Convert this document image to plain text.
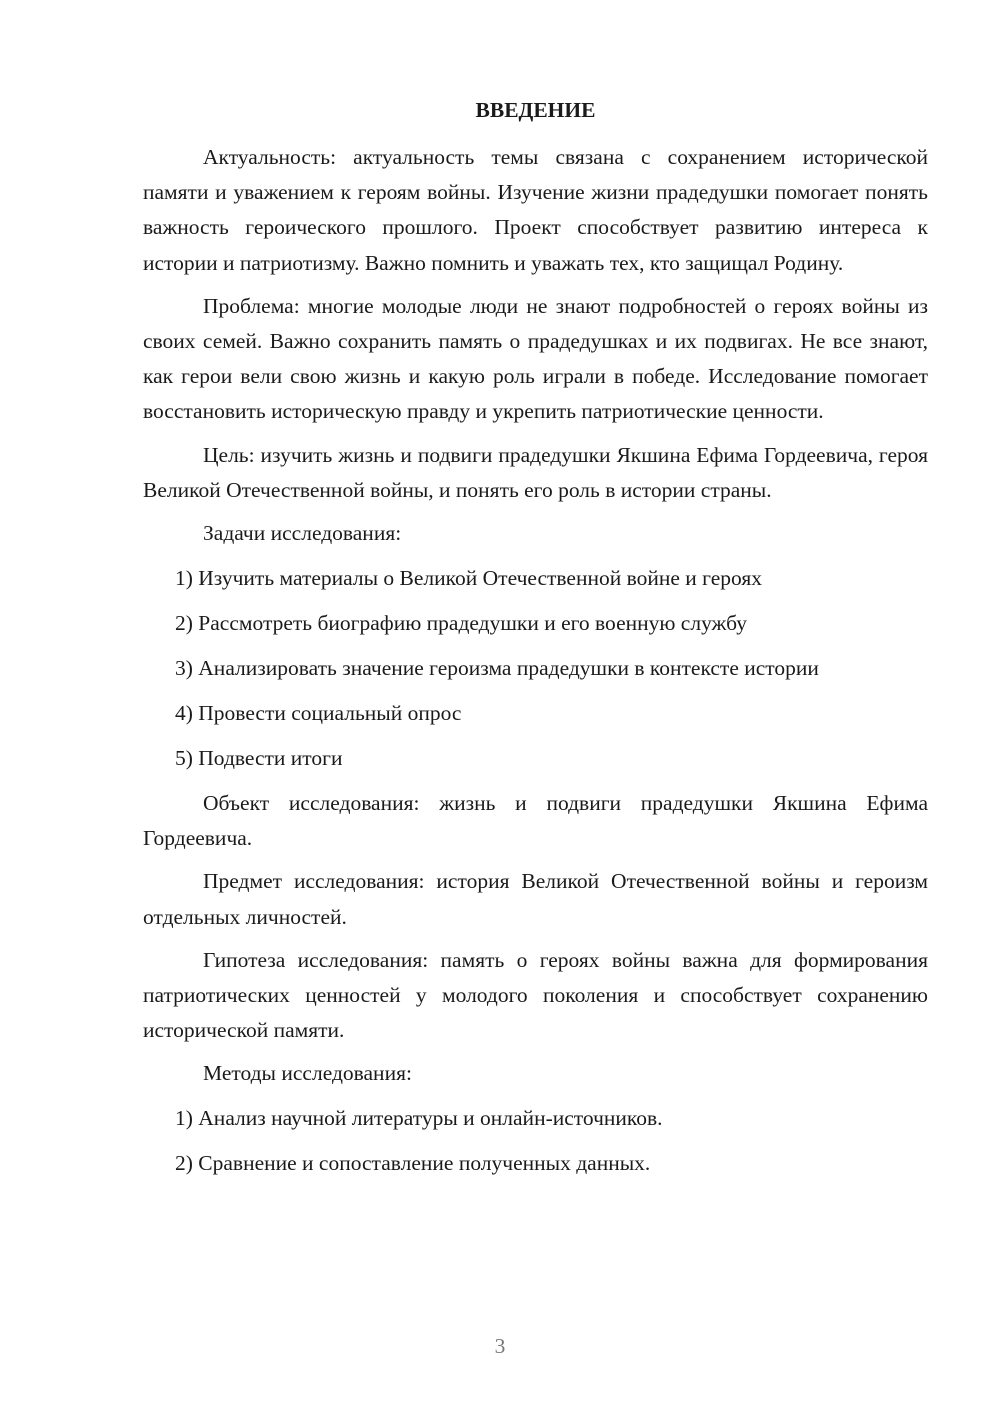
ВВЕДЕНИЕ

Актуальность: актуальность темы связана с сохранением исторической памяти и уважением к героям войны. Изучение жизни прадедушки помогает понять важность героического прошлого. Проект способствует развитию интереса к истории и патриотизму. Важно помнить и уважать тех, кто защищал Родину.

Проблема: многие молодые люди не знают подробностей о героях войны из своих семей. Важно сохранить память о прадедушках и их подвигах. Не все знают, как герои вели свою жизнь и какую роль играли в победе. Исследование помогает восстановить историческую правду и укрепить патриотические ценности.

Цель: изучить жизнь и подвиги прадедушки Якшина Ефима Гордеевича, героя Великой Отечественной войны, и понять его роль в истории страны.

Задачи исследования:
1) Изучить материалы о Великой Отечественной войне и героях
2) Рассмотреть биографию прадедушки и его военную службу
3) Анализировать значение героизма прадедушки в контексте истории
4) Провести социальный опрос
5) Подвести итоги

Объект исследования: жизнь и подвиги прадедушки Якшина Ефима Гордеевича.

Предмет исследования: история Великой Отечественной войны и героизм отдельных личностей.

Гипотеза исследования: память о героях войны важна для формирования патриотических ценностей у молодого поколения и способствует сохранению исторической памяти.

Методы исследования:
1) Анализ научной литературы и онлайн-источников.
2) Сравнение и сопоставление полученных данных.
3
